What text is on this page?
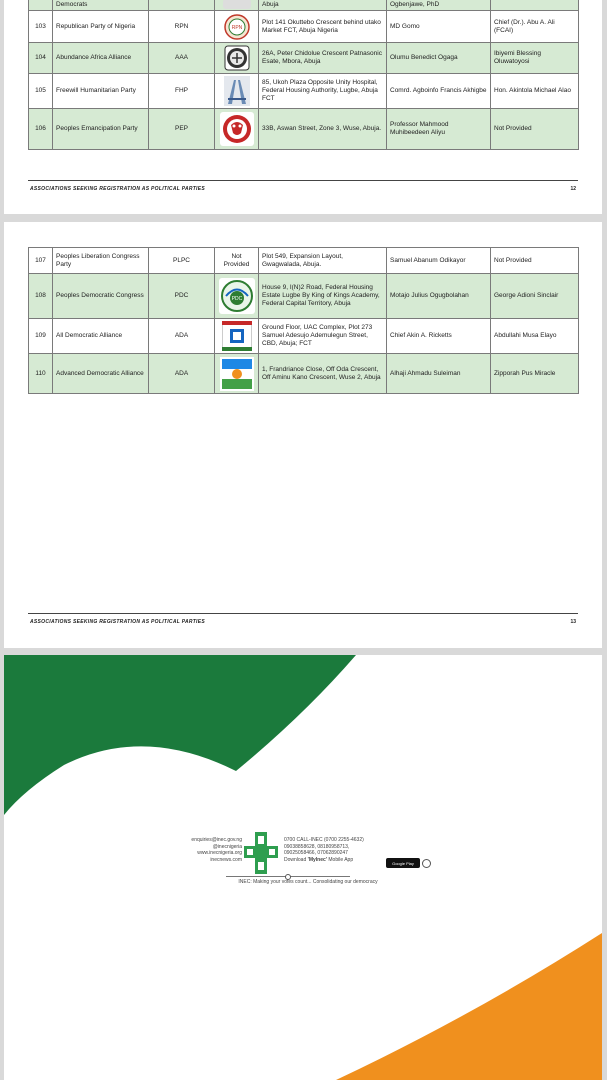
	Democrats			Abuja	Ogbenjawe, PhD	
103	Republican Party of Nigeria	RPN	RPN	Plot 141 Okuttebo Crescent behind utako Market FCT, Abuja Nigeria	MD Gomo	Chief (Dr.). Abu A. Ali (FCAI)
104	Abundance Africa Alliance	AAA		26A, Peter Chidolue Crescent Patnasonic Esate, Mbora, Abuja	Olumu Benedict Ogaga	Ibiyemi Blessing Oluwatoyosi
105	Freewill Humanitarian Party	FHP		85, Ukoh Plaza Opposite Unity Hospital, Federal Housing Authority, Lugbe, Abuja FCT	Comrd. Agboinfo Francis Akhigbe	Hon. Akintola Michael Alao
106	Peoples Emancipation Party	PEP		33B, Aswan Street, Zone 3, Wuse, Abuja.	Professor Mahmood Muhibeedeen Aliyu	Not Provided
ASSOCIATIONS SEEKING REGISTRATION AS POLITICAL PARTIES	12
107	Peoples Liberation Congress Party	PLPC	Not Provided	Plot 549, Expansion Layout, Gwagwalada, Abuja.	Samuel Abanum Odikayor	Not Provided
108	Peoples Democratic Congress	PDC	PDC	House 9, I(N)2 Road, Federal Housing Estate Lugbe By King of Kings Academy, Federal Capital Territory, Abuja	Motajo Julius Ogugbolahan	George Adioni Sinclair
109	All Democratic Alliance	ADA		Ground Floor, UAC Complex, Plot 273 Samuel Adesujo Ademulegun Street, CBD, Abuja; FCT	Chief Akin A. Ricketts	Abdullahi Musa Elayo
110	Advanced Democratic Alliance	ADA		1, Frandriance Close, Off Oda Crescent, Off Aminu Kano Crescent, Wuse 2, Abuja	Alhaji Ahmadu Suleiman	Zipporah Pus Miracle
ASSOCIATIONS SEEKING REGISTRATION AS POLITICAL PARTIES	13
enquiries@inec.gov.ng
@inecnigeria
www.inecnigeria.org
inecnews.com
0700 CALL-INEC (0700 2255-4632)
09038858628, 08180958713,
09025058466, 07062890247
Download 'MyInec' Mobile App
Google Play
INEC: Making your votes count... Consolidating our democracy
